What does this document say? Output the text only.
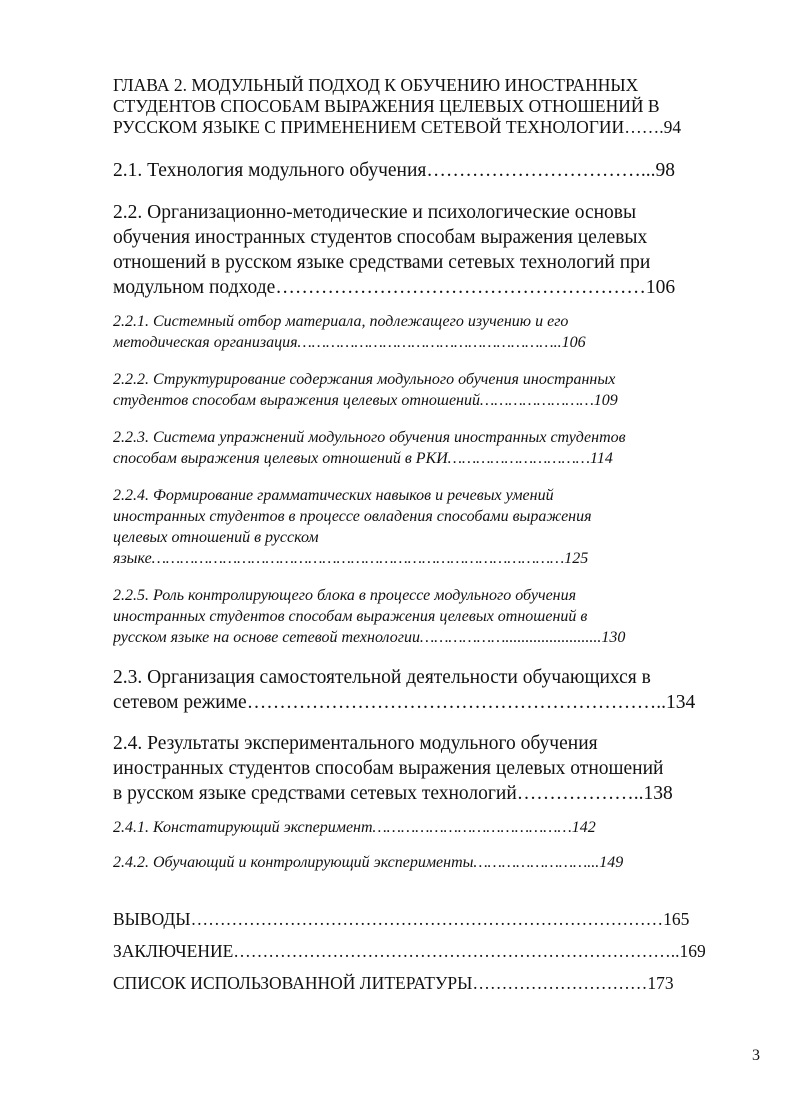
ГЛАВА 2. МОДУЛЬНЫЙ ПОДХОД К ОБУЧЕНИЮ ИНОСТРАННЫХ
СТУДЕНТОВ СПОСОБАМ ВЫРАЖЕНИЯ ЦЕЛЕВЫХ ОТНОШЕНИЙ В
РУССКОМ ЯЗЫКЕ С ПРИМЕНЕНИЕМ СЕТЕВОЙ ТЕХНОЛОГИИ…….94
2.1. Технология модульного обучения……………………………...98
2.2. Организационно-методические и психологические основы
обучения иностранных студентов способам выражения целевых
отношений в русском языке средствами сетевых технологий при
модульном подходе…………………………………………………106
2.2.1. Системный отбор материала, подлежащего изучению и его
методическая организация………………………………………………..106
2.2.2. Структурирование содержания модульного обучения иностранных
студентов способам выражения целевых отношений……………………109
2.2.3. Система упражнений модульного обучения иностранных студентов
способам выражения целевых отношений в РКИ…………………………114
2.2.4. Формирование грамматических навыков и речевых умений
иностранных студентов в процессе овладения способами выражения
целевых отношений в русском
языке……………………………………………………………………………125
2.2.5. Роль контролирующего блока в процессе модульного обучения
иностранных студентов способам выражения целевых отношений в
русском языке на основе сетевой технологии………………........................130
2.3. Организация самостоятельной деятельности обучающихся в
сетевом режиме………………………………………………………..134
2.4. Результаты экспериментального модульного обучения
иностранных студентов способам выражения целевых отношений
в русском языке средствами сетевых технологий………………..138
2.4.1. Констатирующий эксперимент……………………………………142
2.4.2. Обучающий и контролирующий эксперименты……………………...149
ВЫВОДЫ………………………………………………………………………165
ЗАКЛЮЧЕНИЕ…………………………………………………………………..169
СПИСОК ИСПОЛЬЗОВАННОЙ ЛИТЕРАТУРЫ…………………………173
3
